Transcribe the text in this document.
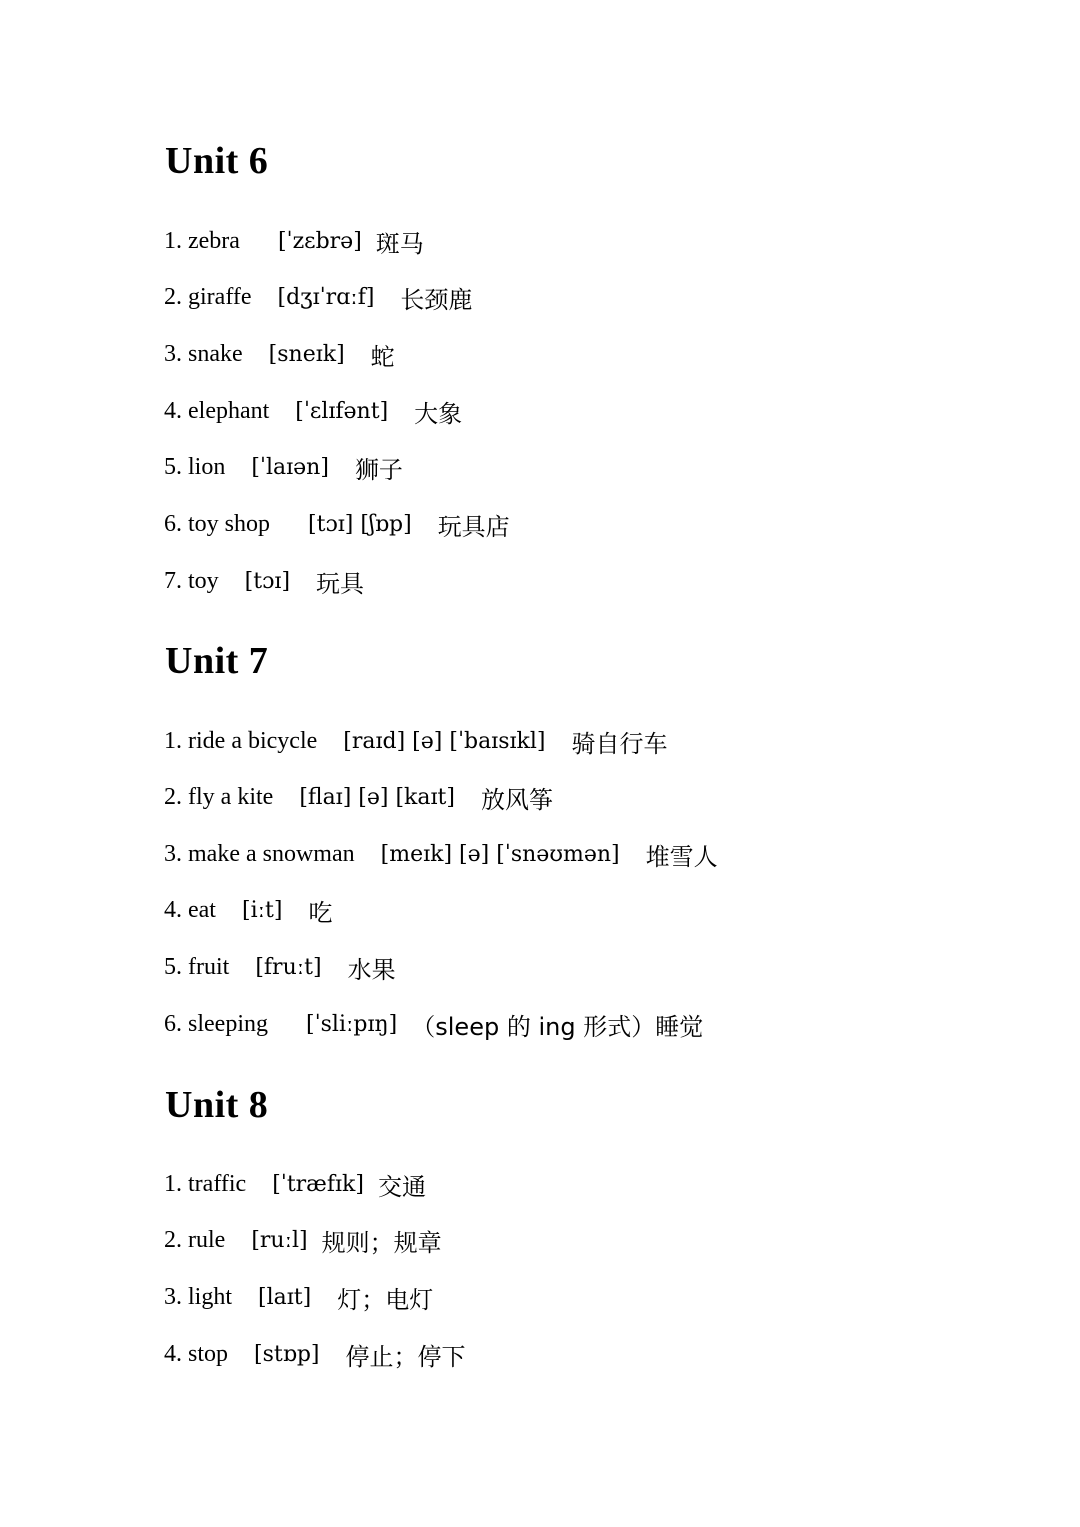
Unit 6
1. zebra [ˈzɛbrə] 斑马
2. giraffe [dʒɪˈrɑːf] 长颈鹿
3. snake [sneɪk] 蛇
4. elephant [ˈɛlɪfənt] 大象
5. lion [ˈlaɪən] 狮子
6. toy shop [tɔɪ] [ʃɒp] 玩具店
7. toy [tɔɪ] 玩具
Unit 7
1. ride a bicycle [raɪd] [ə] [ˈbaɪsɪkl] 骑自行车
2. fly a kite [flaɪ] [ə] [kaɪt] 放风筝
3. make a snowman [meɪk] [ə] [ˈsnəʊmən] 堆雪人
4. eat [iːt] 吃
5. fruit [fruːt] 水果
6. sleeping [ˈsliːpɪŋ] （sleep 的 ing 形式）睡觉
Unit 8
1. traffic [ˈtræfɪk] 交通
2. rule [ruːl] 规则；规章
3. light [laɪt] 灯；电灯
4. stop [stɒp] 停止；停下
